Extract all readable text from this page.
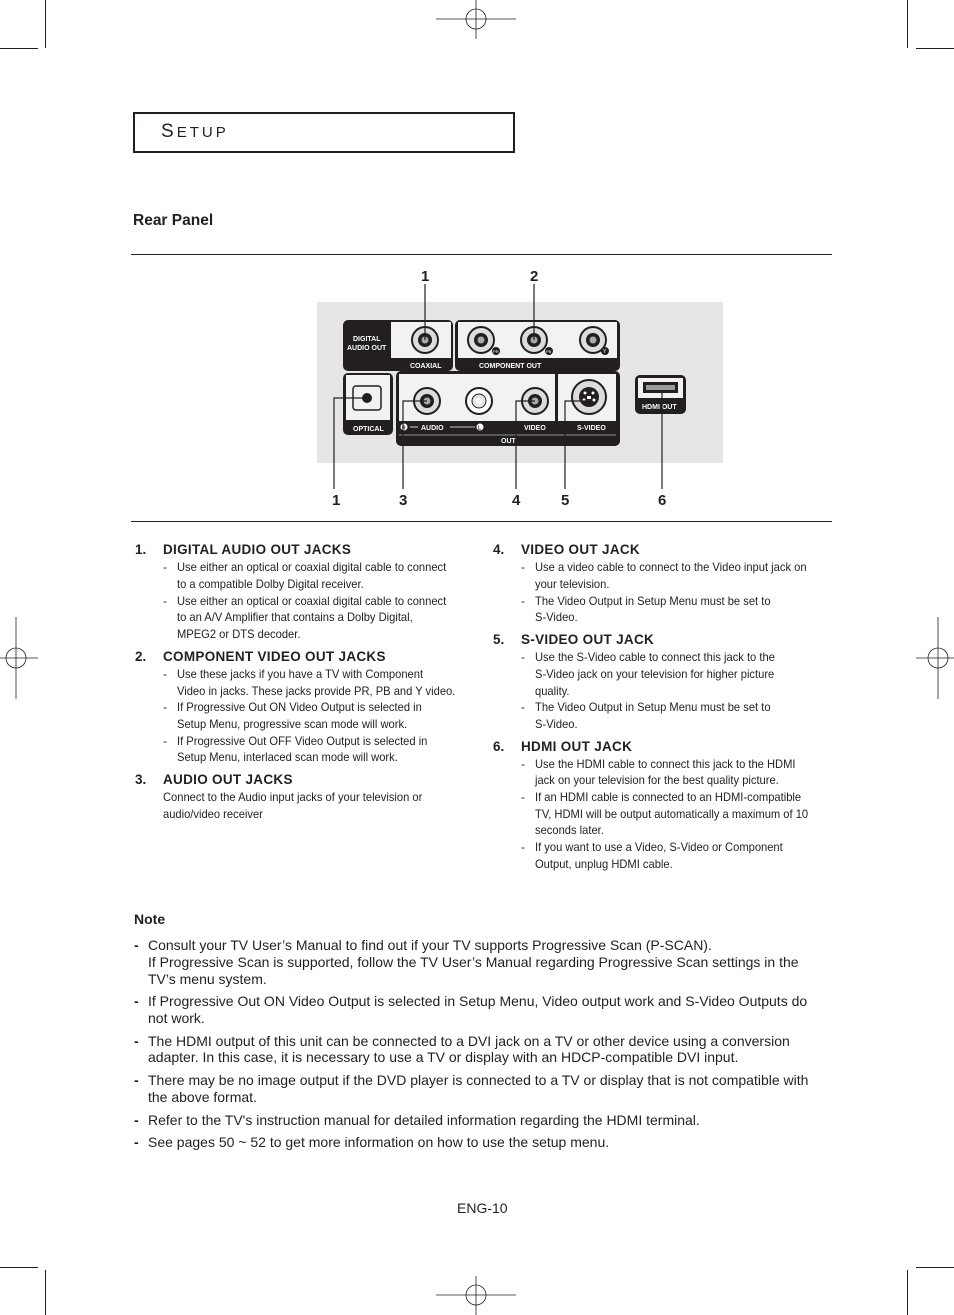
SETUP
Rear Panel
DIGITAL
AUDIO OUT
COAXIAL	COMPONENT OUT
PR	PB	Y
OPTICAL	R AUDIO	L	VIDEO	S-VIDEO
OUT
HDMI OUT
1	2
1	3	4	5	6
1. DIGITAL AUDIO OUT JACKS
- Use either an optical or coaxial digital cable to connect
to a compatible Dolby Digital receiver.
- Use either an optical or coaxial digital cable to connect
to an A/V Amplifier that contains a Dolby Digital,
MPEG2 or DTS decoder.
2. COMPONENT VIDEO OUT JACKS
- Use these jacks if you have a TV with Component
Video in jacks. These jacks provide PR, PB and Y video.
- If Progressive Out ON Video Output is selected in
Setup Menu, progressive scan mode will work.
- If Progressive Out OFF Video Output is selected in
Setup Menu, interlaced scan mode will work.
3. AUDIO OUT JACKS
Connect to the Audio input jacks of your television or
audio/video receiver
4. VIDEO OUT JACK
- Use a video cable to connect to the Video input jack on
your television.
- The Video Output in Setup Menu must be set to
S-Video.
5. S-VIDEO OUT JACK
- Use the S-Video cable to connect this jack to the
S-Video jack on your television for higher picture
quality.
- The Video Output in Setup Menu must be set to
S-Video.
6. HDMI OUT JACK
- Use the HDMI cable to connect this jack to the HDMI
jack on your television for the best quality picture.
- If an HDMI cable is connected to an HDMI-compatible
TV, HDMI will be output automatically a maximum of 10
seconds later.
- If you want to use a Video, S-Video or Component
Output, unplug HDMI cable.
Note
- Consult your TV User’s Manual to find out if your TV supports Progressive Scan (P-SCAN).
If Progressive Scan is supported, follow the TV User’s Manual regarding Progressive Scan settings in the
TV’s menu system.
- If Progressive Out ON Video Output is selected in Setup Menu, Video output work and S-Video Outputs do
not work.
- The HDMI output of this unit can be connected to a DVI jack on a TV or other device using a conversion
adapter. In this case, it is necessary to use a TV or display with an HDCP-compatible DVI input.
- There may be no image output if the DVD player is connected to a TV or display that is not compatible with
the above format.
- Refer to the TV's instruction manual for detailed information regarding the HDMI terminal.
- See pages 50 ~ 52 to get more information on how to use the setup menu.
ENG-10
